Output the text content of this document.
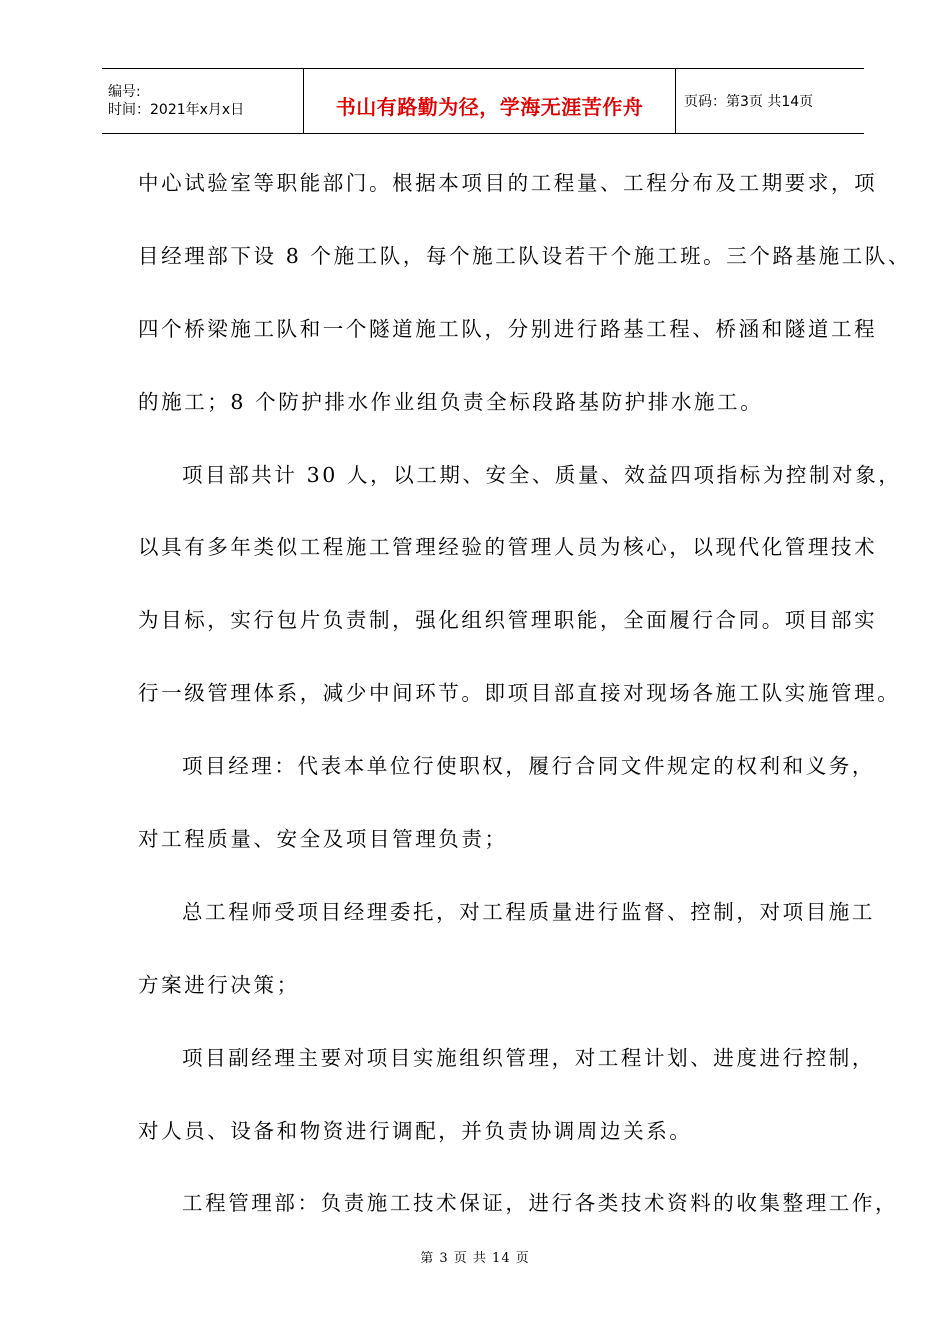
编号:
时间：2021年x月x日	书山有路勤为径，学海无涯苦作舟	页码：第3页 共14页
中心试验室等职能部门。根据本项目的工程量、工程分布及工期要求，项
目经理部下设 8 个施工队，每个施工队设若干个施工班。三个路基施工队、
四个桥梁施工队和一个隧道施工队，分别进行路基工程、桥涵和隧道工程
的施工；8 个防护排水作业组负责全标段路基防护排水施工。
项目部共计 30 人，以工期、安全、质量、效益四项指标为控制对象，
以具有多年类似工程施工管理经验的管理人员为核心，以现代化管理技术
为目标，实行包片负责制，强化组织管理职能，全面履行合同。项目部实
行一级管理体系，减少中间环节。即项目部直接对现场各施工队实施管理。
项目经理：代表本单位行使职权，履行合同文件规定的权利和义务，
对工程质量、安全及项目管理负责；
总工程师受项目经理委托，对工程质量进行监督、控制，对项目施工
方案进行决策；
项目副经理主要对项目实施组织管理，对工程计划、进度进行控制，
对人员、设备和物资进行调配，并负责协调周边关系。
工程管理部：负责施工技术保证，进行各类技术资料的收集整理工作，
第 3 页 共 14 页
